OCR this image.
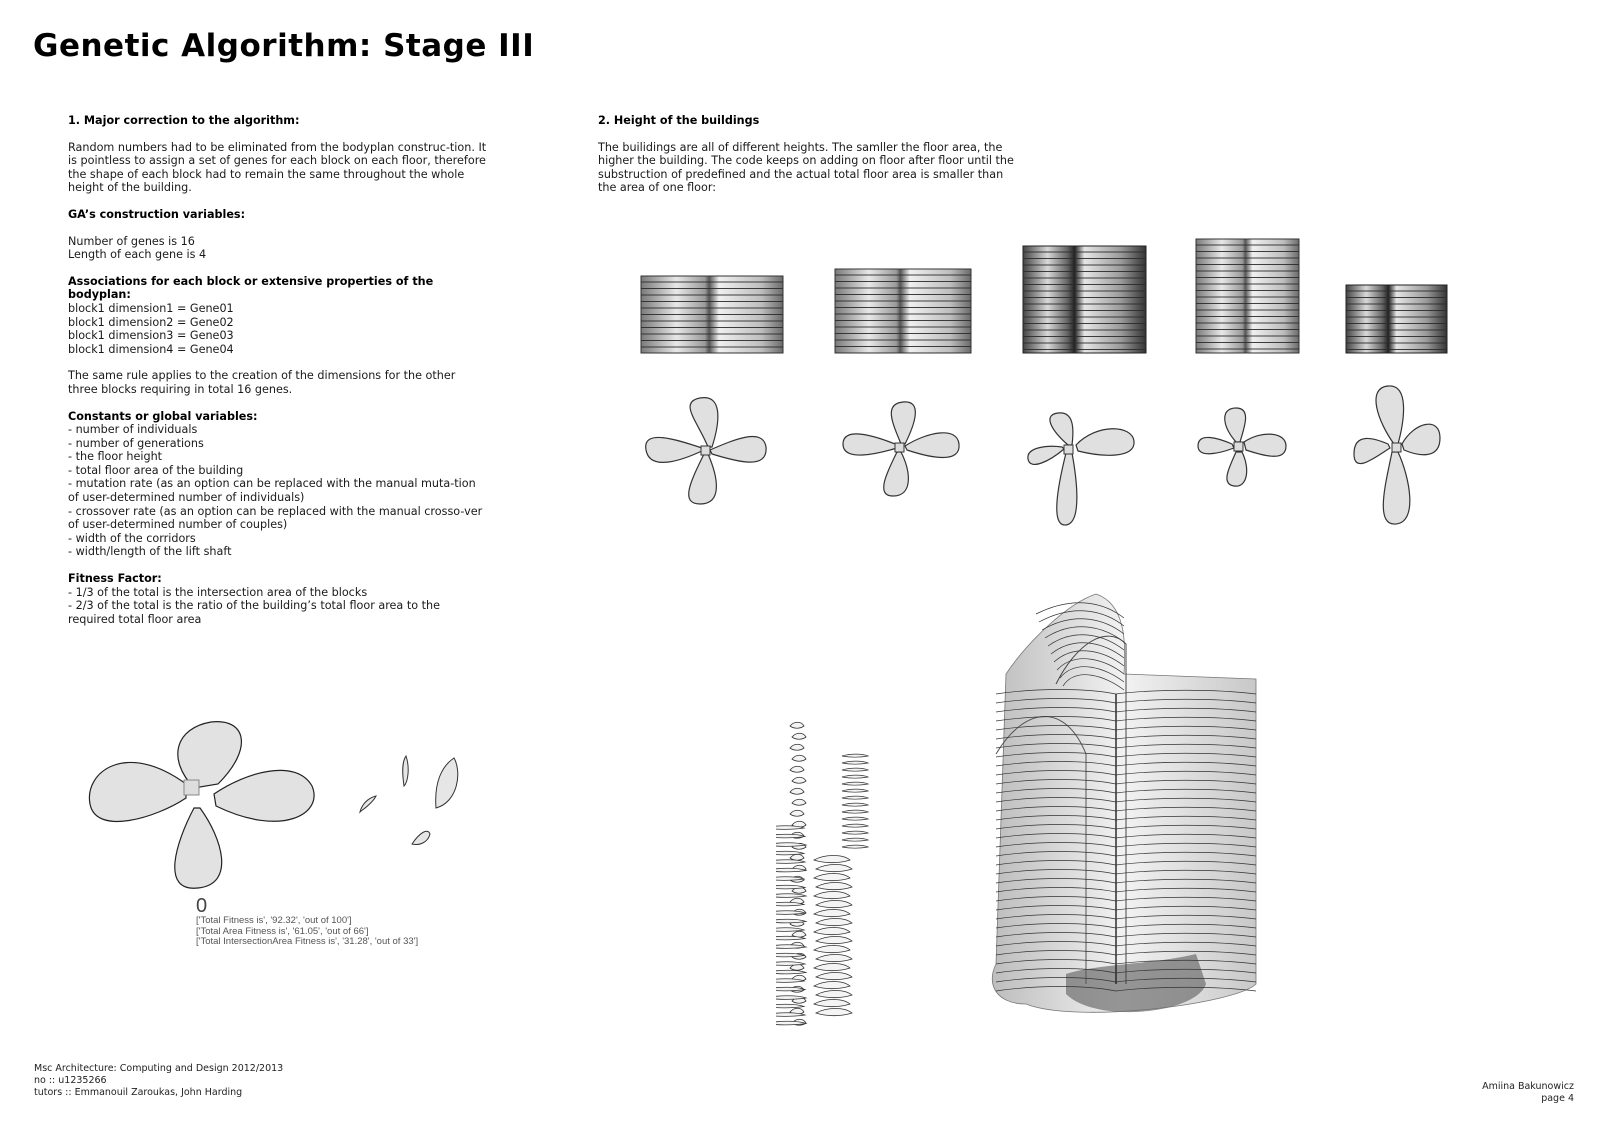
Genetic Algorithm: Stage III
1. Major correction to the algorithm:

Random numbers had to be eliminated from the bodyplan construc-tion. It is pointless to assign a set of genes for each block on each floor, therefore the shape of each block had to remain the same throughout the whole height of the building.

GA’s construction variables:
Number of genes is 16
Length of each gene is 4
Associations for each block or extensive properties of the bodyplan:
block1 dimension1 = Gene01
block1 dimension2 = Gene02
block1 dimension3 = Gene03
block1 dimension4 = Gene04

The same rule applies to the creation of the dimensions for the other three blocks requiring in total 16 genes.

Constants or global variables:
- number of individuals
- number of generations
- the floor height
- total floor area of the building
- mutation rate (as an option can be replaced with the manual muta-tion of user-determined number of individuals)
- crossover rate (as an option can be replaced with the manual crosso-ver of user-determined number of couples)
- width of the corridors
- width/length of the lift shaft
Fitness Factor:
- 1/3 of the total is the intersection area of the blocks
- 2/3 of the total is the ratio of the building’s total floor area to the required total floor area
2. Height of the buildings

The builidings are all of different heights. The samller the floor area, the higher the building. The code keeps on adding on floor after floor until the substruction of predefined and the actual total floor area is smaller than the area of one floor:

0
['Total Fitness is', '92.32', 'out of 100']
['Total Area Fitness is', '61.05', 'out of 66']
['Total IntersectionArea Fitness is', '31.28', 'out of 33']
Msc Architecture: Computing and Design 2012/2013
no :: u1235266
tutors :: Emmanouil Zaroukas, John Harding
Amiina Bakunowicz
page 4
